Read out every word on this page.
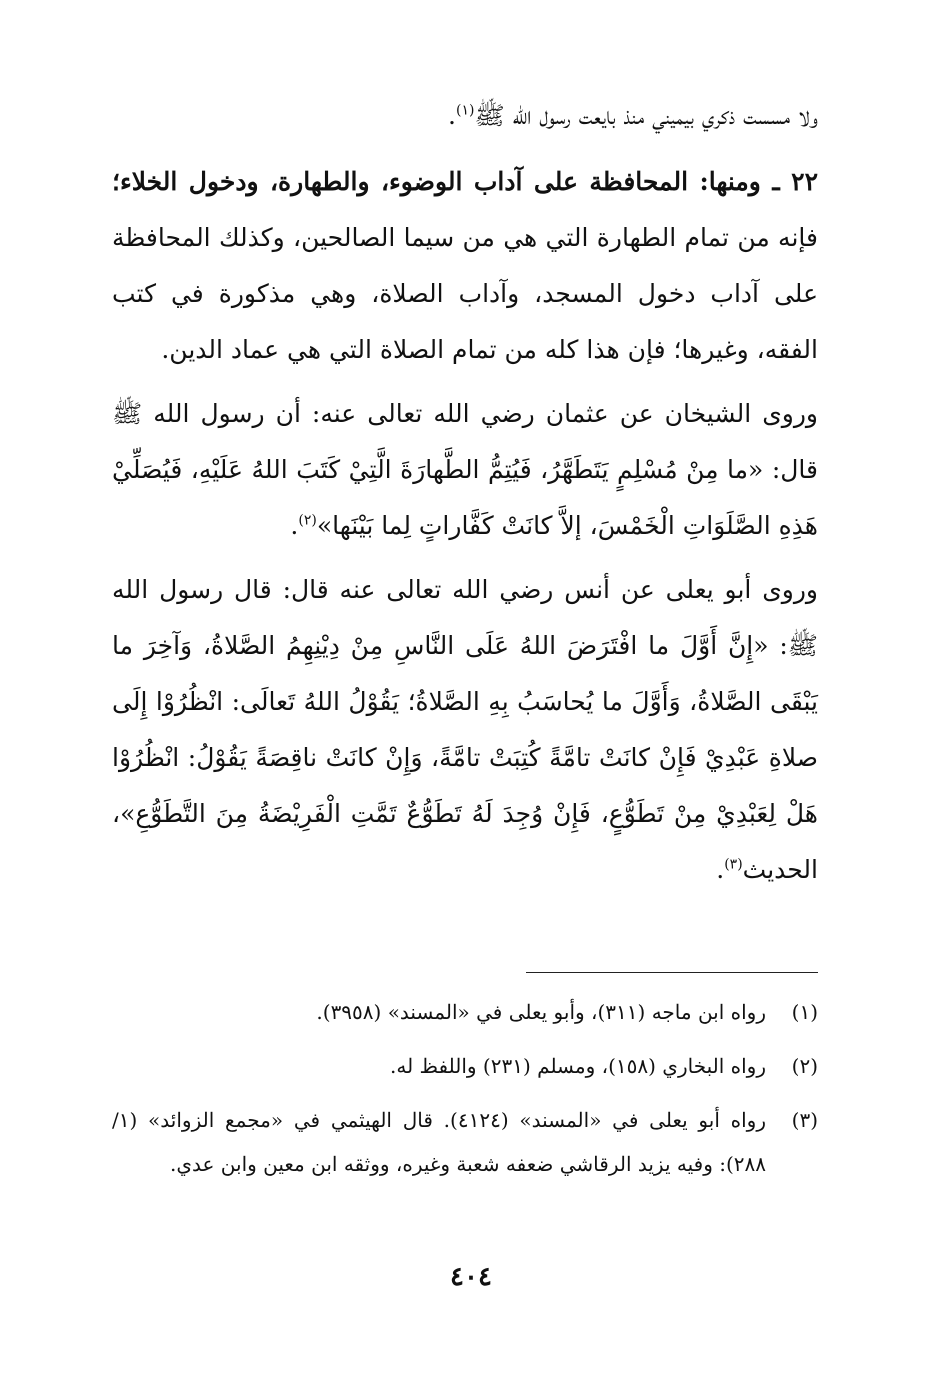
ولا مسست ذكري بيميني منذ بايعت رسول الله ﷺ$^{(١)}$.

٢٢ ـ ومنها: المحافظة على آداب الوضوء، والطهارة، ودخول الخلاء؛ فإنه من تمام الطهارة التي هي من سيما الصالحين، وكذلك المحافظة على آداب دخول المسجد، وآداب الصلاة، وهي مذكورة في كتب الفقه، وغيرها؛ فإن هذا كله من تمام الصلاة التي هي عماد الدين.

وروى الشيخان عن عثمان رضي الله تعالى عنه: أن رسول الله ﷺ قال: «ما مِنْ مُسْلِمٍ يَتَطَهَّرُ، فَيُتِمُّ الطَّهارَةَ الَّتِيْ كَتَبَ اللهُ عَلَيْهِ، فَيُصَلِّيْ هَذِهِ الصَّلَوَاتِ الْخَمْسَ، إلاَّ كانَتْ كَفَّاراتٍ لِما بَيْنَها»$^{(٢)}$.

وروى أبو يعلى عن أنس رضي الله تعالى عنه قال: قال رسول الله ﷺ: «إِنَّ أَوَّلَ ما افْتَرَضَ اللهُ عَلَى النَّاسِ مِنْ دِيْنِهِمُ الصَّلاةُ، وَآخِرَ ما يَبْقَى الصَّلاةُ، وَأَوَّلَ ما يُحاسَبُ بِهِ الصَّلاةُ؛ يَقُوْلُ اللهُ تَعالَى: انْظُرُوْا إِلَى صلاةِ عَبْدِيْ فَإِنْ كانَتْ تامَّةً كُتِبَتْ تامَّةً، وَإِنْ كانَتْ ناقِصَةً يَقُوْلُ: انْظُرُوْا هَلْ لِعَبْدِيْ مِنْ تَطَوُّعٍ، فَإِنْ وُجِدَ لَهُ تَطَوُّعٌ تَمَّتِ الْفَرِيْضَةُ مِنَ التَّطَوُّعِ»، الحديث$^{(٣)}$.

(١)
رواه ابن ماجه (٣١١)، وأبو يعلى في «المسند» (٣٩٥٨).
(٢)
رواه البخاري (١٥٨)، ومسلم (٢٣١) واللفظ له.
(٣)
رواه أبو يعلى في «المسند» (٤١٢٤). قال الهيثمي في «مجمع الزوائد» (١/ ٢٨٨): وفيه يزيد الرقاشي ضعفه شعبة وغيره، ووثقه ابن معين وابن عدي.
٤٠٤
